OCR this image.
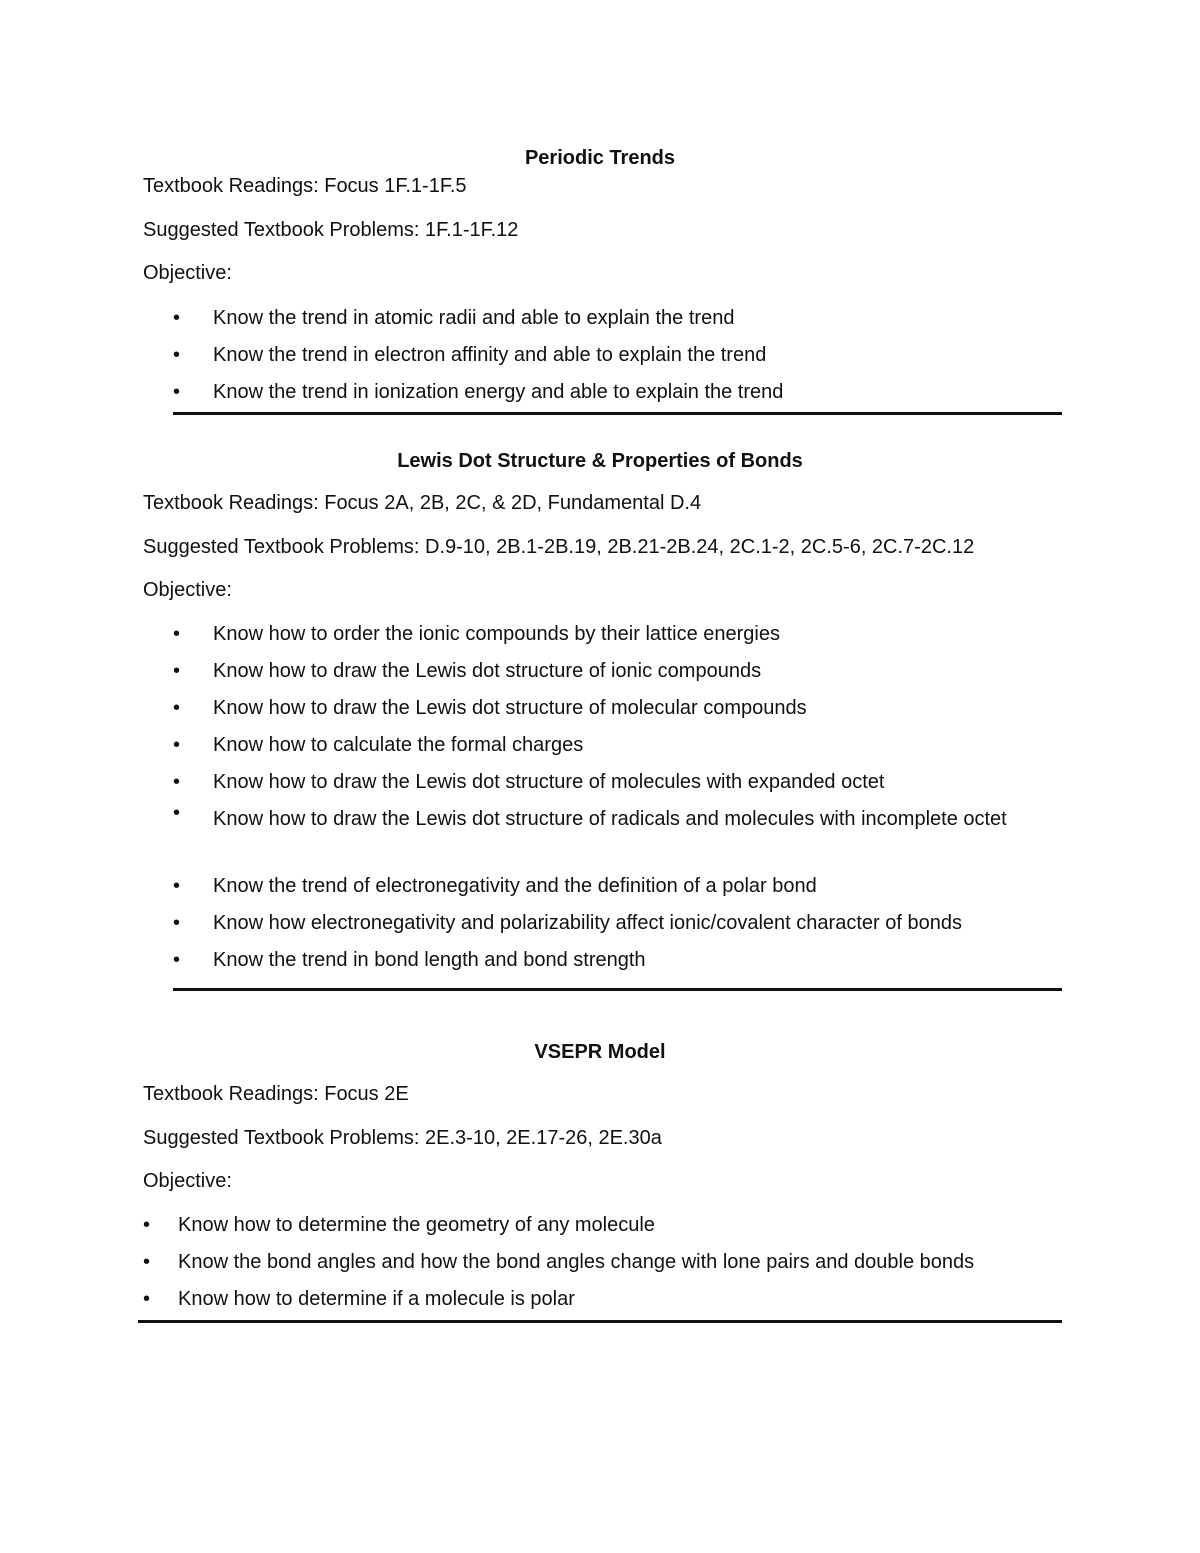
Periodic Trends

Textbook Readings: Focus 1F.1-1F.5

Suggested Textbook Problems: 1F.1-1F.12

Objective:

• Know the trend in atomic radii and able to explain the trend
• Know the trend in electron affinity and able to explain the trend
• Know the trend in ionization energy and able to explain the trend
Lewis Dot Structure & Properties of Bonds

Textbook Readings: Focus 2A, 2B, 2C, & 2D, Fundamental D.4

Suggested Textbook Problems: D.9-10, 2B.1-2B.19, 2B.21-2B.24, 2C.1-2, 2C.5-6, 2C.7-2C.12

Objective:

• Know how to order the ionic compounds by their lattice energies
• Know how to draw the Lewis dot structure of ionic compounds
• Know how to draw the Lewis dot structure of molecular compounds
• Know how to calculate the formal charges
• Know how to draw the Lewis dot structure of molecules with expanded octet
• Know how to draw the Lewis dot structure of radicals and molecules with incomplete octet
• Know the trend of electronegativity and the definition of a polar bond
• Know how electronegativity and polarizability affect ionic/covalent character of bonds
• Know the trend in bond length and bond strength
VSEPR Model

Textbook Readings: Focus 2E

Suggested Textbook Problems: 2E.3-10, 2E.17-26, 2E.30a

Objective:

• Know how to determine the geometry of any molecule
• Know the bond angles and how the bond angles change with lone pairs and double bonds
• Know how to determine if a molecule is polar
